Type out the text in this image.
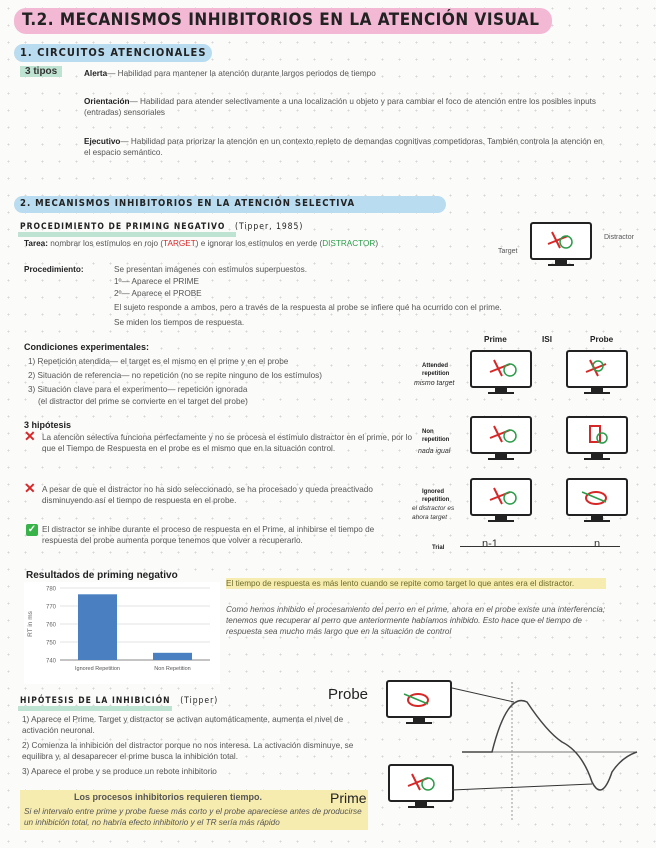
T.2. MECANISMOS INHIBITORIOS EN LA ATENCIÓN VISUAL
1. CIRCUITOS ATENCIONALES
3 tipos	Alerta— Habilidad para mantener la atención durante largos periodos de tiempo
Orientación— Habilidad para atender selectivamente a una localización u objeto y para cambiar el foco de atención entre los posibles inputs (entradas) sensoriales
Ejecutivo— Habilidad para priorizar la atención en un contexto repleto de demandas cognitivas competidoras. También controla la atención en el espacio semántico.
2. MECANISMOS INHIBITORIOS EN LA ATENCIÓN SELECTIVA
PROCEDIMIENTO DE PRIMING NEGATIVO (Tipper, 1985)
Tarea: nombrar los estímulos en rojo (TARGET) e ignorar los estímulos en verde (DISTRACTOR)
Procedimiento:	Se presentan imágenes con estímulos superpuestos.
1º— Aparece el PRIME
2º— Aparece el PROBE
El sujeto responde a ambos, pero a través de la respuesta al probe se infiere qué ha ocurrido con el prime.
Se miden los tiempos de respuesta.
Target
Distractor
Condiciones experimentales:
1) Repetición atendida— el target es el mismo en el prime y en el probe
2) Situación de referencia— no repetición (no se repite ninguno de los estímulos)
3) Situación clave para el experimento— repetición ignorada
(el distractor del prime se convierte en el target del probe)
3 hipótesis
✕ La atención selectiva funciona perfectamente y no se procesa el estímulo distractor en el prime, por lo que el Tiempo de Respuesta en el probe es el mismo que en la situación control.
✕ A pesar de que el distractor no ha sido seleccionado, se ha procesado y queda preactivado disminuyendo así el tiempo de respuesta en el probe.
✓ El distractor se inhibe durante el proceso de respuesta en el Prime, al inhibirse el tiempo de respuesta del probe aumenta porque tenemos que volver a recuperarlo.
Prime	ISI	Probe
Attended repetition
mismo target
Non repetition
nada igual
Ignored repetition
el distractor es ahora target
Trial	n-1	n
Resultados de priming negativo
740
750
760
770
780
RT in ms
Ignored Repetition	Non Repetition
El tiempo de respuesta es más lento cuando se repite como target lo que antes era el distractor.
Como hemos inhibido el procesamiento del perro en el prime, ahora en el probe existe una interferencia; tenemos que recuperar al perro que anteriormente habíamos inhibido. Esto hace que el tiempo de respuesta sea mucho más largo que en la situación de control
HIPÓTESIS DE LA INHIBICIÓN (Tipper)
1) Aparece el Prime. Target y distractor se activan automáticamente, aumenta el nivel de activación neuronal.
2) Comienza la inhibición del distractor porque no nos interesa. La activación disminuye, se equilibra y, al desaparecer el prime busca la inhibición total.
3) Aparece el probe y se produce un rebote inhibitorio
Los procesos inhibitorios requieren tiempo.
Si el intervalo entre prime y probe fuese más corto y el probe apareciese antes de producirse un inhibición total, no habría efecto inhibitorio y el TR sería más rápido
Probe
Prime
